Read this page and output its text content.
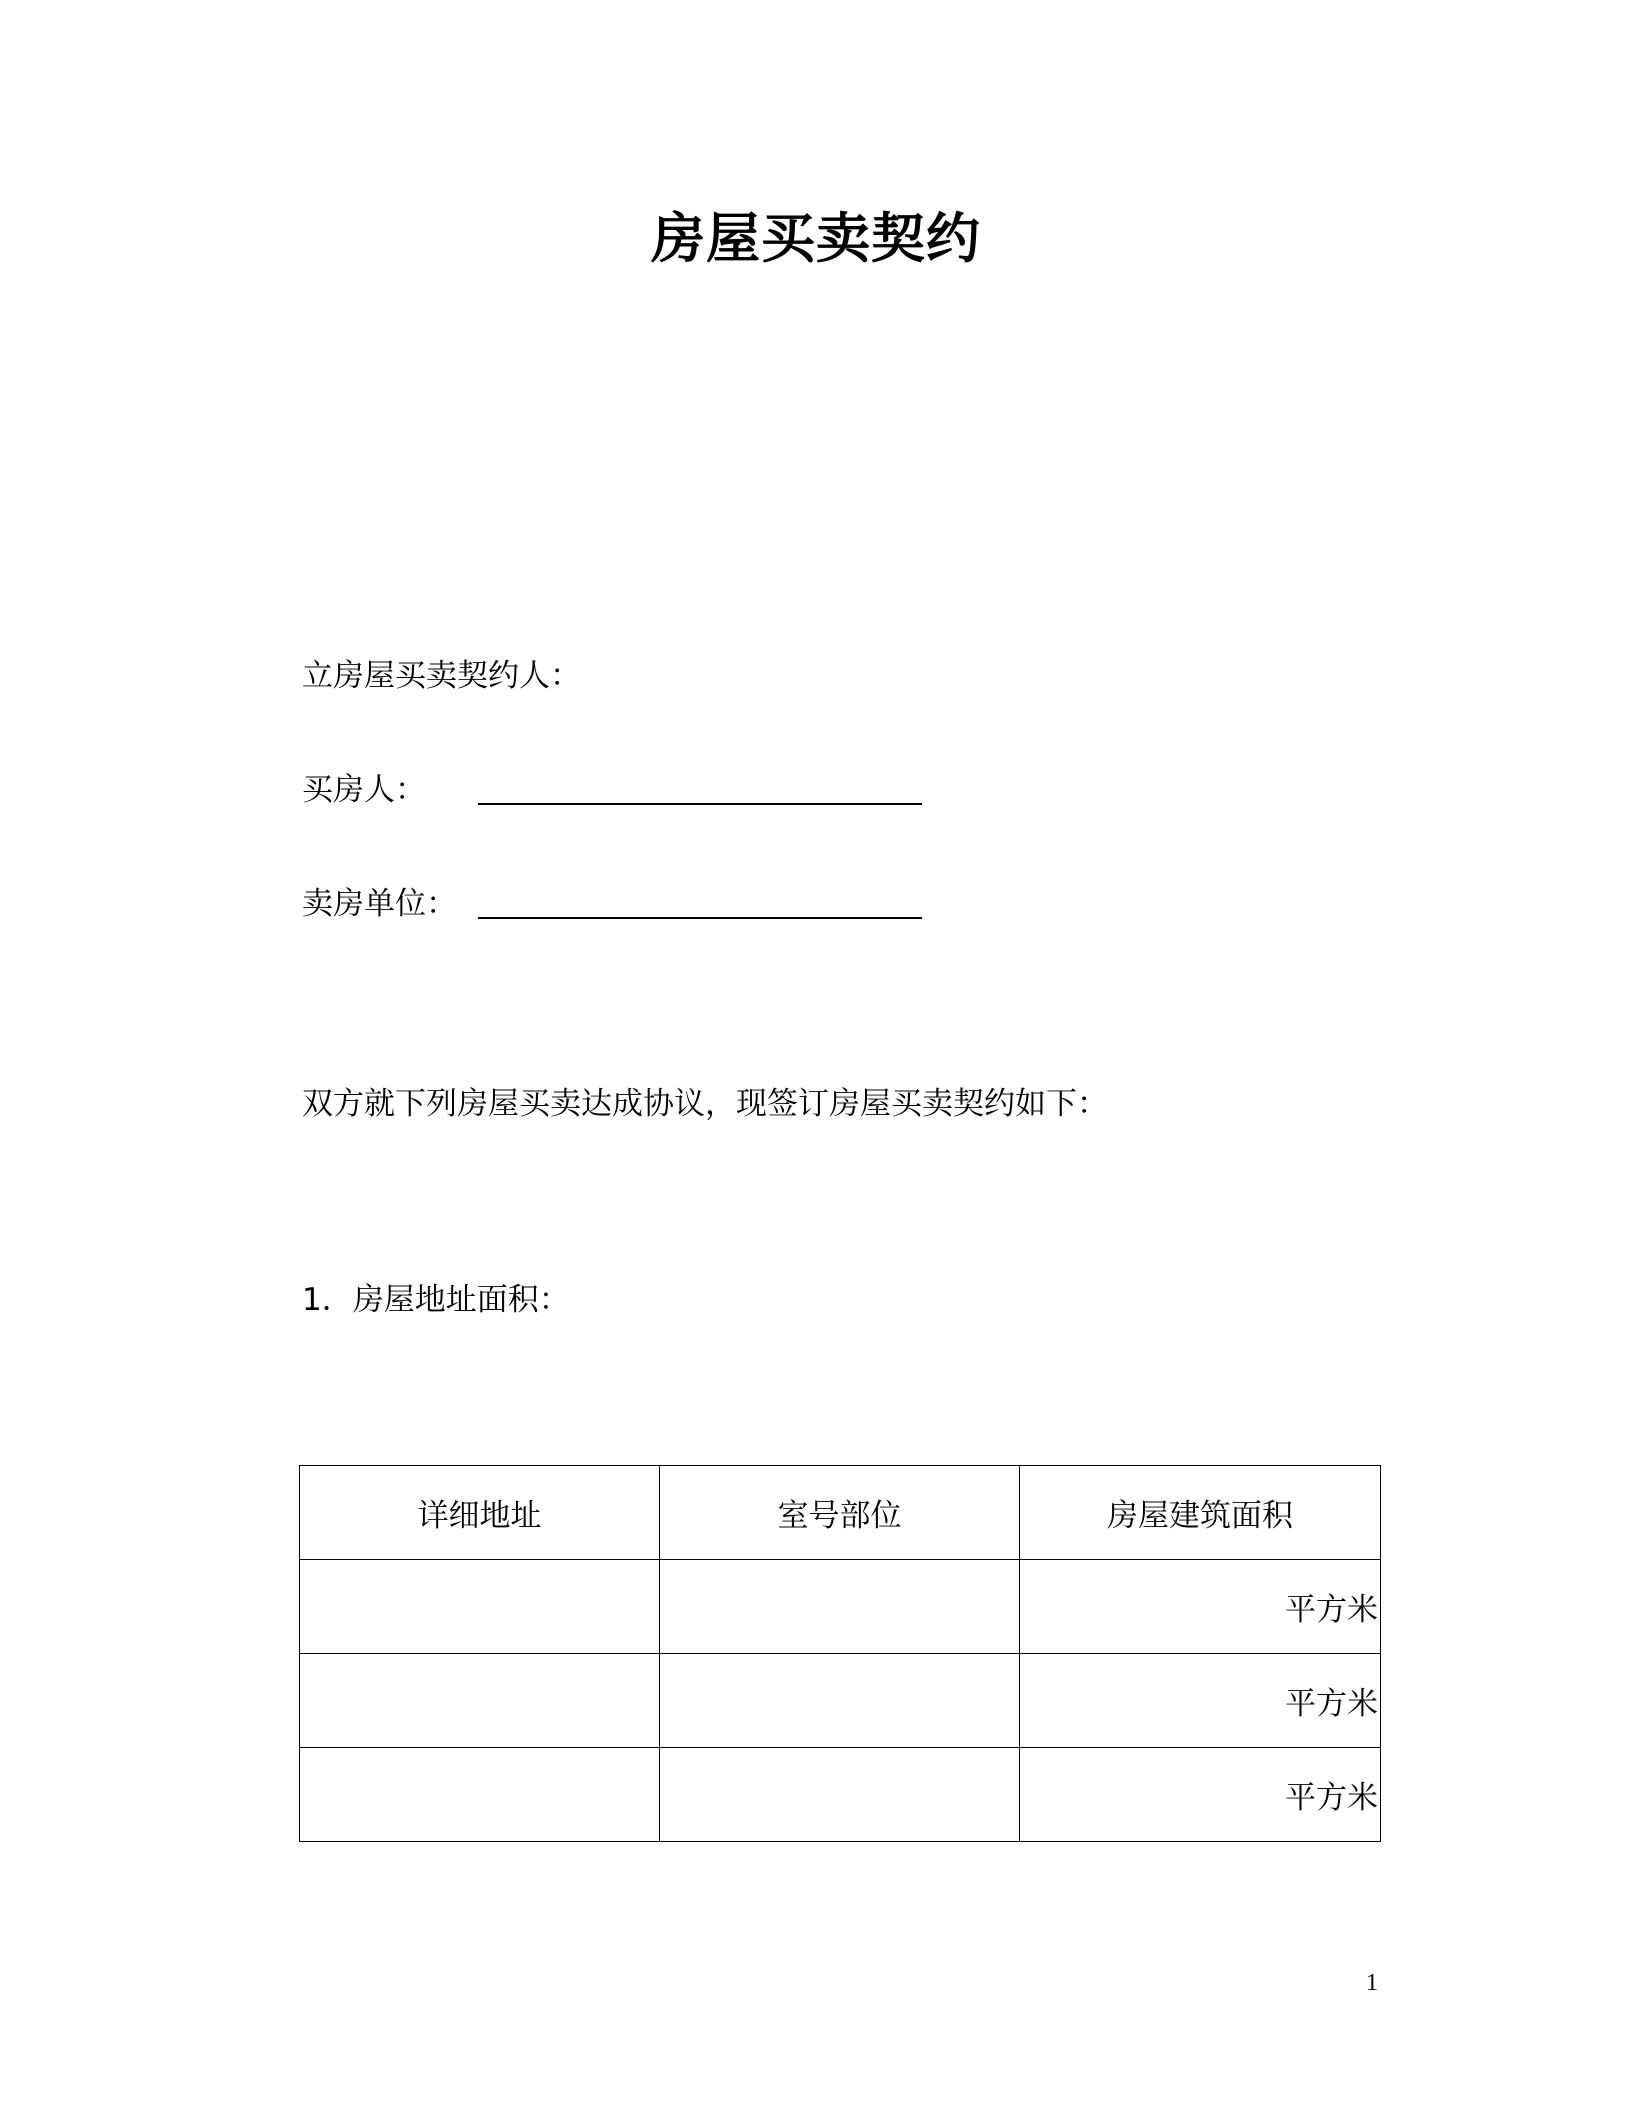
房屋买卖契约
立房屋买卖契约人：
买房人：
卖房单位：
双方就下列房屋买卖达成协议，现签订房屋买卖契约如下：
1．房屋地址面积：
详细地址	室号部位	房屋建筑面积
		平方米
		平方米
		平方米
1
